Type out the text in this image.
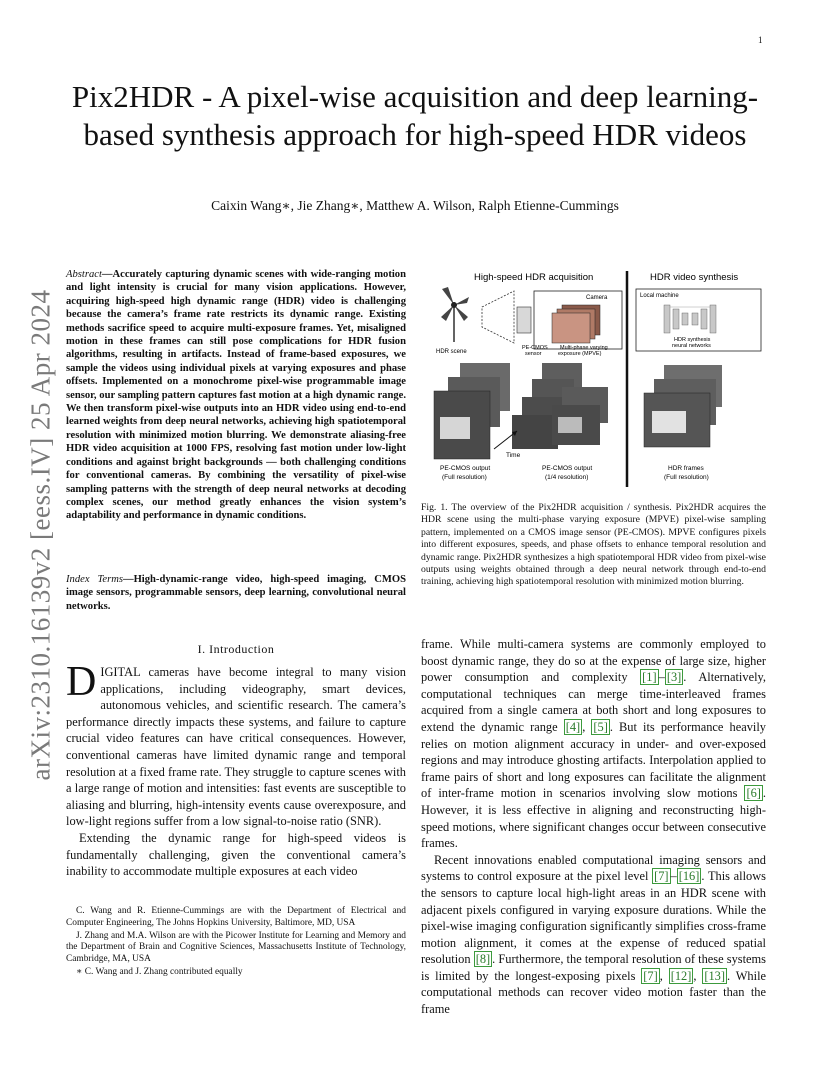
1
arXiv:2310.16139v2 [eess.IV] 25 Apr 2024
Pix2HDR - A pixel-wise acquisition and deep learning-based synthesis approach for high-speed HDR videos
Caixin Wang∗, Jie Zhang∗, Matthew A. Wilson, Ralph Etienne-Cummings
Abstract—Accurately capturing dynamic scenes with wide-ranging motion and light intensity is crucial for many vision applications. However, acquiring high-speed high dynamic range (HDR) video is challenging because the camera’s frame rate restricts its dynamic range. Existing methods sacrifice speed to acquire multi-exposure frames. Yet, misaligned motion in these frames can still pose complications for HDR fusion algorithms, resulting in artifacts. Instead of frame-based exposures, we sample the videos using individual pixels at varying exposures and phase offsets. Implemented on a monochrome pixel-wise programmable image sensor, our sampling pattern captures fast motion at a high dynamic range. We then transform pixel-wise outputs into an HDR video using end-to-end learned weights from deep neural networks, achieving high spatiotemporal resolution with minimized motion blurring. We demonstrate aliasing-free HDR video acquisition at 1000 FPS, resolving fast motion under low-light conditions and against bright backgrounds — both challenging conditions for conventional cameras. By combining the versatility of pixel-wise sampling patterns with the strength of deep neural networks at decoding complex scenes, our method greatly enhances the vision system’s adaptability and performance in dynamic conditions.
Index Terms—High-dynamic-range video, high-speed imaging, CMOS image sensors, programmable sensors, deep learning, convolutional neural networks.
I. Introduction

DIGITAL cameras have become integral to many vision applications, including videography, smart devices, autonomous vehicles, and scientific research. The camera’s performance directly impacts these systems, and failure to capture crucial video features can have critical consequences. However, conventional cameras have limited dynamic range and temporal resolution at a fixed frame rate. They struggle to capture scenes with a large range of motion and intensities: fast events are susceptible to aliasing and blurring, high-intensity events cause overexposure, and low-light regions suffer from a low signal-to-noise ratio (SNR).

Extending the dynamic range for high-speed videos is fundamentally challenging, given the conventional camera’s inability to accommodate multiple exposures at each video

C. Wang and R. Etienne-Cummings are with the Department of Electrical and Computer Engineering, The Johns Hopkins University, Baltimore, MD, USA

J. Zhang and M.A. Wilson are with the Picower Institute for Learning and Memory and the Department of Brain and Cognitive Sciences, Massachusetts Institute of Technology, Cambridge, MA, USA

∗ C. Wang and J. Zhang contributed equally

High-speed HDR acquisition	HDR video synthesis
HDR scene
Camera
PE-CMOS
sensor
Multi-phase varying
exposure (MPVE)
Local machine
HDR synthesis
neural networks
Time
PE-CMOS output
(Full resolution)
PE-CMOS output
(1/4 resolution)
HDR frames
(Full resolution)
Fig. 1. The overview of the Pix2HDR acquisition / synthesis. Pix2HDR acquires the HDR scene using the multi-phase varying exposure (MPVE) pixel-wise sampling pattern, implemented on a CMOS image sensor (PE-CMOS). MPVE configures pixels into different exposures, speeds, and phase offsets to enhance temporal resolution and dynamic range. Pix2HDR synthesizes a high spatiotemporal HDR video from pixel-wise outputs using weights obtained through a deep neural network through end-to-end training, achieving high spatiotemporal resolution with minimized motion blurring.

frame. While multi-camera systems are commonly employed to boost dynamic range, they do so at the expense of large size, higher power consumption and complexity [1] – [3] . Alternatively, computational techniques can merge time-interleaved frames acquired from a single camera at both short and long exposures to extend the dynamic range [4] , [5] . But its performance heavily relies on motion alignment accuracy in under- and over-exposed regions and may introduce ghosting artifacts. Interpolation applied to frame pairs of short and long exposures can facilitate the alignment of inter-frame motion in scenarios involving slow motions [6] . However, it is less effective in aligning and reconstructing high-speed motions, where significant changes occur between consecutive frames.

Recent innovations enabled computational imaging sensors and systems to control exposure at the pixel level [7] – [16] . This allows the sensors to capture local high-light areas in an HDR scene with adjacent pixels configured in varying exposure durations. While the pixel-wise imaging configuration significantly simplifies cross-frame motion alignment, it comes at the expense of reduced spatial resolution [8] . Furthermore, the temporal resolution of these systems is limited by the longest-exposing pixels [7] , [12] , [13] . While computational methods can recover video motion faster than the frame
